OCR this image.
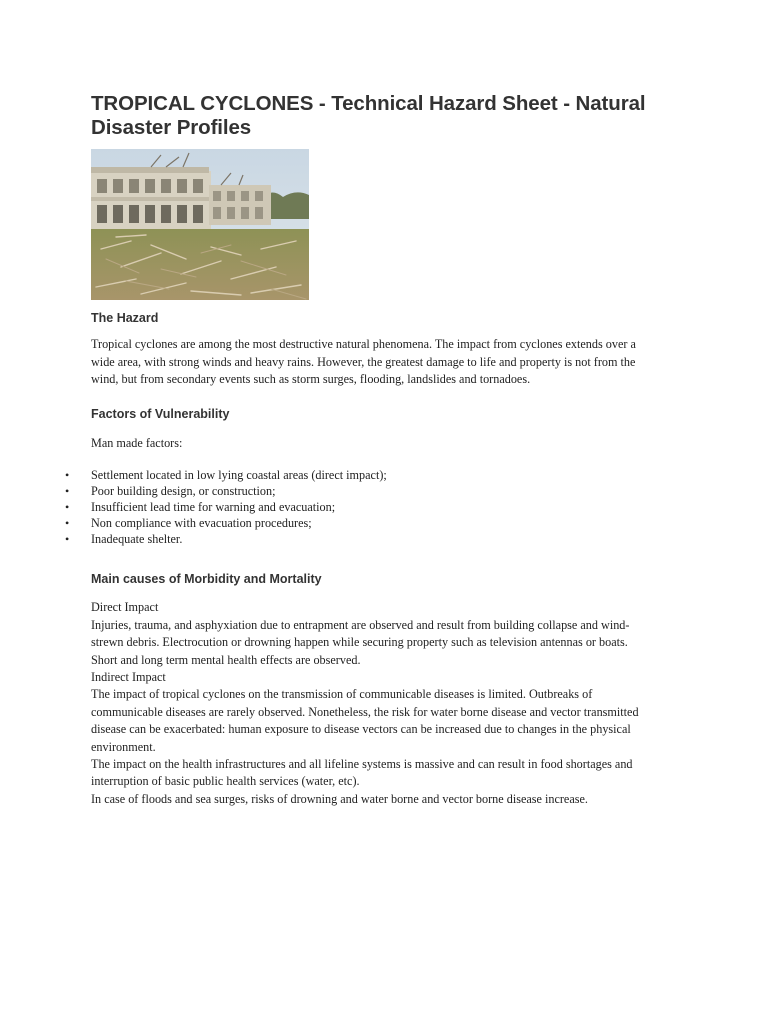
TROPICAL CYCLONES - Technical Hazard Sheet - Natural Disaster Profiles
The Hazard

Tropical cyclones are among the most destructive natural phenomena. The impact from cyclones extends over a wide area, with strong winds and heavy rains. However, the greatest damage to life and property is not from the wind, but from secondary events such as storm surges, flooding, landslides and tornadoes.

Factors of Vulnerability

Man made factors:

• Settlement located in low lying coastal areas (direct impact);
• Poor building design, or construction;
• Insufficient lead time for warning and evacuation;
• Non compliance with evacuation procedures;
• Inadequate shelter.
Main causes of Morbidity and Mortality

Direct Impact

Injuries, trauma, and asphyxiation due to entrapment are observed and result from building collapse and wind-strewn debris. Electrocution or drowning happen while securing property such as television antennas or boats. Short and long term mental health effects are observed.

Indirect Impact

The impact of tropical cyclones on the transmission of communicable diseases is limited. Outbreaks of communicable diseases are rarely observed. Nonetheless, the risk for water borne disease and vector transmitted disease can be exacerbated: human exposure to disease vectors can be increased due to changes in the physical environment.

The impact on the health infrastructures and all lifeline systems is massive and can result in food shortages and interruption of basic public health services (water, etc).

In case of floods and sea surges, risks of drowning and water borne and vector borne disease increase.
